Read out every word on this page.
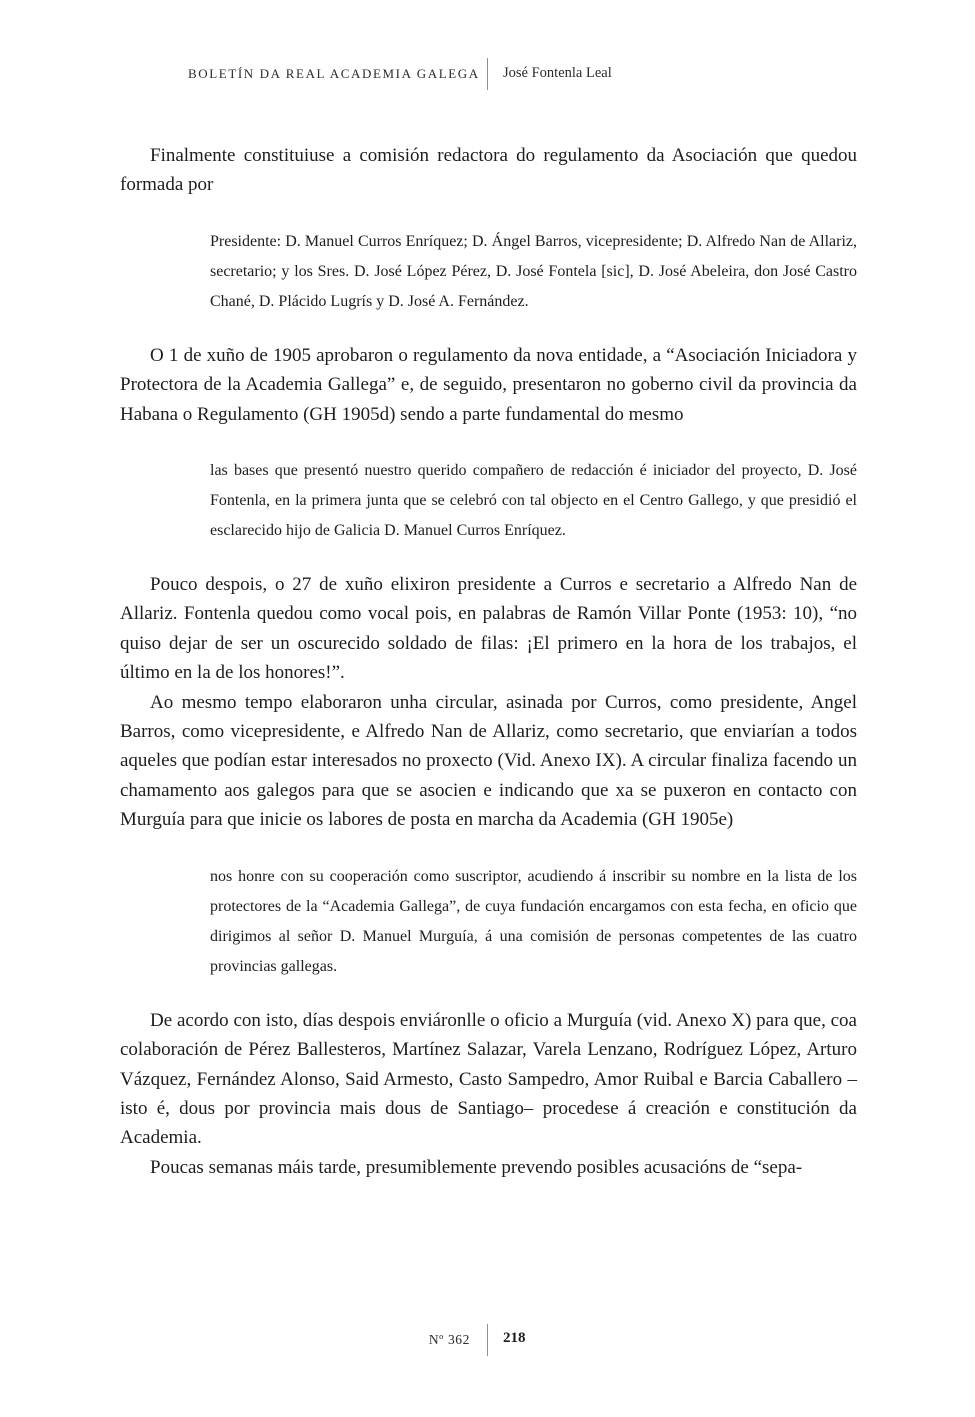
BOLETÍN DA REAL ACADEMIA GALEGA José Fontenla Leal

Finalmente constituiuse a comisión redactora do regulamento da Asociación que quedou formada por

Presidente: D. Manuel Curros Enríquez; D. Ángel Barros, vicepresidente; D. Alfredo Nan de Allariz, secretario; y los Sres. D. José López Pérez, D. José Fontela [sic], D. José Abeleira, don José Castro Chané, D. Plácido Lugrís y D. José A. Fernández.

O 1 de xuño de 1905 aprobaron o regulamento da nova entidade, a “Asociación Iniciadora y Protectora de la Academia Gallega” e, de seguido, presentaron no goberno civil da provincia da Habana o Regulamento (GH 1905d) sendo a parte fundamental do mesmo

las bases que presentó nuestro querido compañero de redacción é iniciador del proyecto, D. José Fontenla, en la primera junta que se celebró con tal objecto en el Centro Gallego, y que presidió el esclarecido hijo de Galicia D. Manuel Curros Enríquez.

Pouco despois, o 27 de xuño elixiron presidente a Curros e secretario a Alfredo Nan de Allariz. Fontenla quedou como vocal pois, en palabras de Ramón Villar Ponte (1953: 10), “no quiso dejar de ser un oscurecido soldado de filas: ¡El primero en la hora de los trabajos, el último en la de los honores!”.

Ao mesmo tempo elaboraron unha circular, asinada por Curros, como presidente, Angel Barros, como vicepresidente, e Alfredo Nan de Allariz, como secretario, que enviarían a todos aqueles que podían estar interesados no proxecto (Vid. Anexo IX). A circular finaliza facendo un chamamento aos galegos para que se asocien e indicando que xa se puxeron en contacto con Murguía para que inicie os labores de posta en marcha da Academia (GH 1905e)

nos honre con su cooperación como suscriptor, acudiendo á inscribir su nombre en la lista de los protectores de la “Academia Gallega”, de cuya fundación encargamos con esta fecha, en oficio que dirigimos al señor D. Manuel Murguía, á una comisión de personas competentes de las cuatro provincias gallegas.

De acordo con isto, días despois enviáronlle o oficio a Murguía (vid. Anexo X) para que, coa colaboración de Pérez Ballesteros, Martínez Salazar, Varela Lenzano, Rodríguez López, Arturo Vázquez, Fernández Alonso, Said Armesto, Casto Sampedro, Amor Ruibal e Barcia Caballero –isto é, dous por provincia mais dous de Santiago– procedese á creación e constitución da Academia.

Poucas semanas máis tarde, presumiblemente prevendo posibles acusacións de “sepa-

Nº 362 218
